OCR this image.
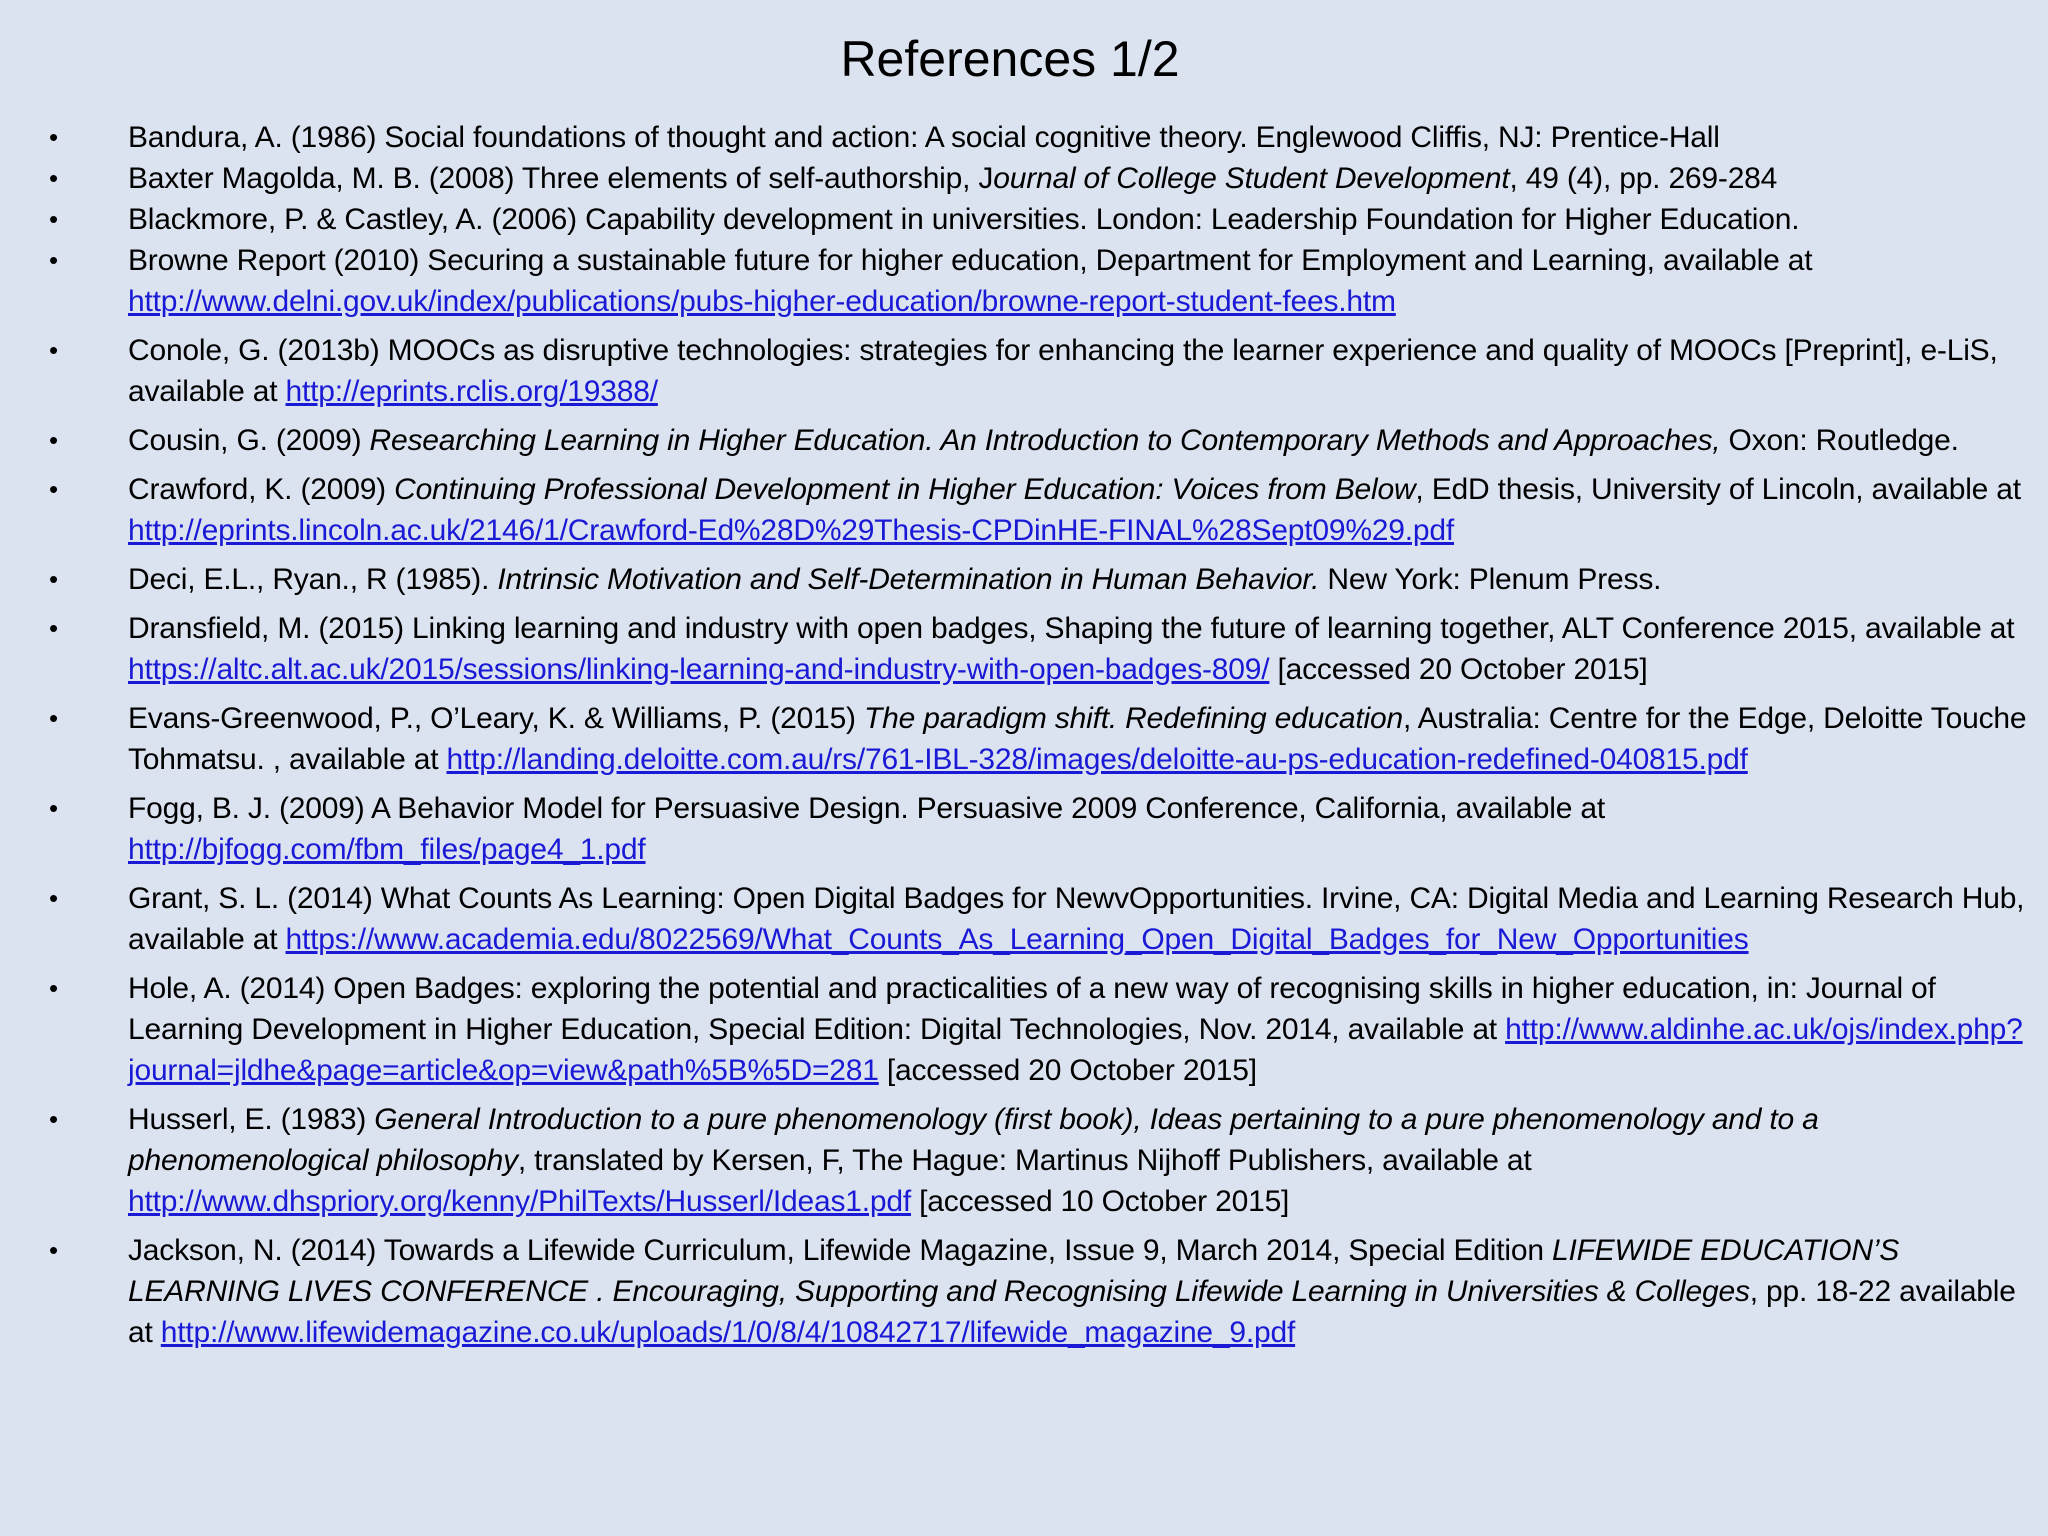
References 1/2
• Bandura, A. (1986) Social foundations of thought and action: A social cognitive theory. Englewood Cliffis, NJ: Prentice-Hall
• Baxter Magolda, M. B. (2008) Three elements of self-authorship, Journal of College Student Development, 49 (4), pp. 269-284
• Blackmore, P. & Castley, A. (2006) Capability development in universities. London: Leadership Foundation for Higher Education.
• Browne Report (2010) Securing a sustainable future for higher education, Department for Employment and Learning, available at http://www.delni.gov.uk/index/publications/pubs-higher-education/browne-report-student-fees.htm
• Conole, G. (2013b) MOOCs as disruptive technologies: strategies for enhancing the learner experience and quality of MOOCs [Preprint], e-LiS, available at http://eprints.rclis.org/19388/
• Cousin, G. (2009) Researching Learning in Higher Education. An Introduction to Contemporary Methods and Approaches, Oxon: Routledge.
• Crawford, K. (2009) Continuing Professional Development in Higher Education: Voices from Below, EdD thesis, University of Lincoln, available at http://eprints.lincoln.ac.uk/2146/1/Crawford-Ed%28D%29Thesis-CPDinHE-FINAL%28Sept09%29.pdf
• Deci, E.L., Ryan., R (1985). Intrinsic Motivation and Self-Determination in Human Behavior. New York: Plenum Press.
• Dransfield, M. (2015) Linking learning and industry with open badges, Shaping the future of learning together, ALT Conference 2015, available at https://altc.alt.ac.uk/2015/sessions/linking-learning-and-industry-with-open-badges-809/ [accessed 20 October 2015]
• Evans-Greenwood, P., O’Leary, K. & Williams, P. (2015) The paradigm shift. Redefining education, Australia: Centre for the Edge, Deloitte Touche Tohmatsu. , available at http://landing.deloitte.com.au/rs/761-IBL-328/images/deloitte-au-ps-education-redefined-040815.pdf
• Fogg, B. J. (2009) A Behavior Model for Persuasive Design. Persuasive 2009 Conference, California, available at http://bjfogg.com/fbm_files/page4_1.pdf
• Grant, S. L. (2014) What Counts As Learning: Open Digital Badges for NewvOpportunities. Irvine, CA: Digital Media and Learning Research Hub, available at https://www.academia.edu/8022569/What_Counts_As_Learning_Open_Digital_Badges_for_New_Opportunities
• Hole, A. (2014) Open Badges: exploring the potential and practicalities of a new way of recognising skills in higher education, in: Journal of Learning Development in Higher Education, Special Edition: Digital Technologies, Nov. 2014, available at http://www.aldinhe.ac.uk/ojs/index.php?journal=jldhe&page=article&op=view&path%5B%5D=281 [accessed 20 October 2015]
• Husserl, E. (1983) General Introduction to a pure phenomenology (first book), Ideas pertaining to a pure phenomenology and to a phenomenological philosophy, translated by Kersen, F, The Hague: Martinus Nijhoff Publishers, available at http://www.dhspriory.org/kenny/PhilTexts/Husserl/Ideas1.pdf [accessed 10 October 2015]
• Jackson, N. (2014) Towards a Lifewide Curriculum, Lifewide Magazine, Issue 9, March 2014, Special Edition LIFEWIDE EDUCATION’S LEARNING LIVES CONFERENCE . Encouraging, Supporting and Recognising Lifewide Learning in Universities & Colleges, pp. 18-22 available at http://www.lifewidemagazine.co.uk/uploads/1/0/8/4/10842717/lifewide_magazine_9.pdf
